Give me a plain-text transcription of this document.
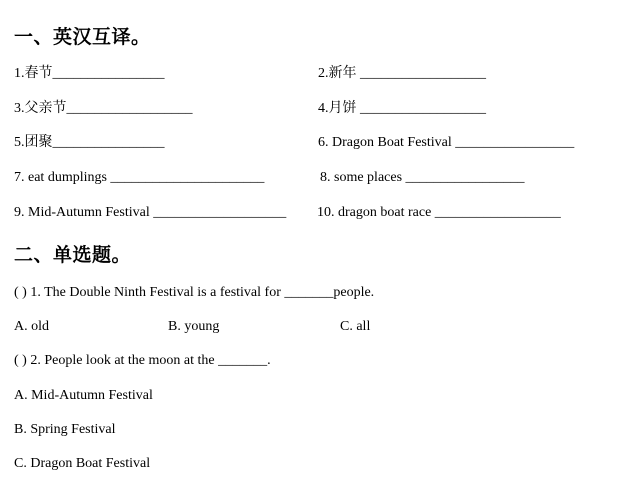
一、英汉互译。
1.春节________________	2.新年 __________________
3.父亲节__________________	4.月饼 __________________
5.团聚________________	6. Dragon Boat Festival _________________
7. eat dumplings ______________________	8. some places _________________
9. Mid-Autumn Festival ___________________ 10. dragon boat race __________________
二、单选题。
( ) 1. The Double Ninth Festival is a festival for _______people.
A. old	B. young	C. all
( ) 2. People look at the moon at the _______.
A. Mid-Autumn Festival
B. Spring Festival
C. Dragon Boat Festival
